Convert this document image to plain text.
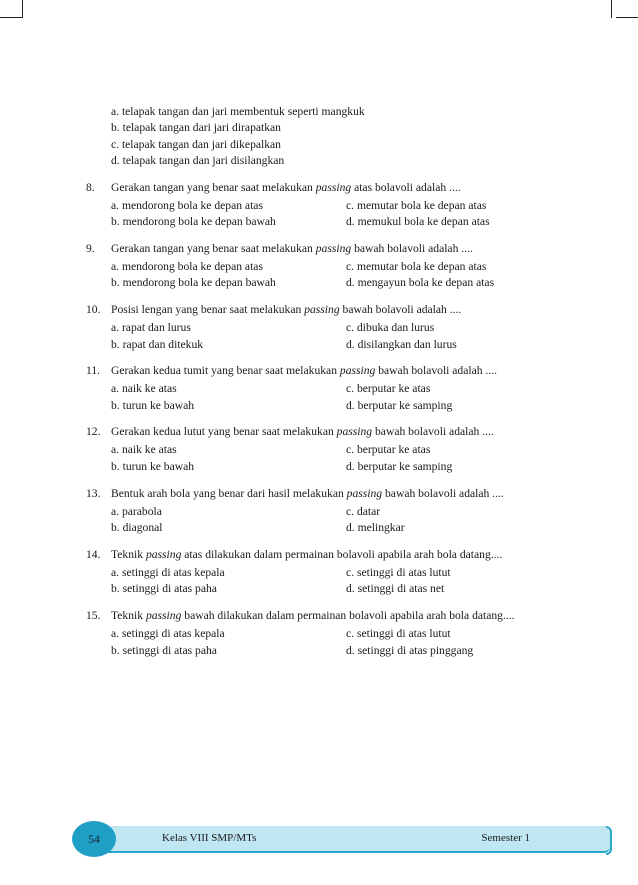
a. telapak tangan dan jari membentuk seperti mangkuk
b. telapak tangan dari jari dirapatkan
c. telapak tangan dan jari dikepalkan
d. telapak tangan dan jari disilangkan
8.	Gerakan tangan yang benar saat melakukan passing atas bolavoli adalah ....
a. mendorong bola ke depan atas	c. memutar bola ke depan atas
b. mendorong bola ke depan bawah	d. memukul bola ke depan atas
9.	Gerakan tangan yang benar saat melakukan passing bawah bolavoli adalah ....
a. mendorong bola ke depan atas	c. memutar bola ke depan atas
b. mendorong bola ke depan bawah	d. mengayun bola ke depan atas
10. Posisi lengan yang benar saat melakukan passing bawah bolavoli adalah ....
a. rapat dan lurus	c. dibuka dan lurus
b. rapat dan ditekuk	d. disilangkan dan lurus
11. Gerakan kedua tumit yang benar saat melakukan passing bawah bolavoli adalah ....
a. naik ke atas	c. berputar ke atas
b. turun ke bawah	d. berputar ke samping
12. Gerakan kedua lutut yang benar saat melakukan passing bawah bolavoli adalah ....
a. naik ke atas	c. berputar ke atas
b. turun ke bawah	d. berputar ke samping
13. Bentuk arah bola yang benar dari hasil melakukan passing bawah bolavoli adalah ....
a. parabola	c. datar
b. diagonal	d. melingkar
14. Teknik passing atas dilakukan dalam permainan bolavoli apabila arah bola datang....
a. setinggi di atas kepala	c. setinggi di atas lutut
b. setinggi di atas paha	d. setinggi di atas net
15. Teknik passing bawah dilakukan dalam permainan bolavoli apabila arah bola datang....
a. setinggi di atas kepala	c. setinggi di atas lutut
b. setinggi di atas paha	d. setinggi di atas pinggang
54	Kelas VIII SMP/MTs	Semester 1
